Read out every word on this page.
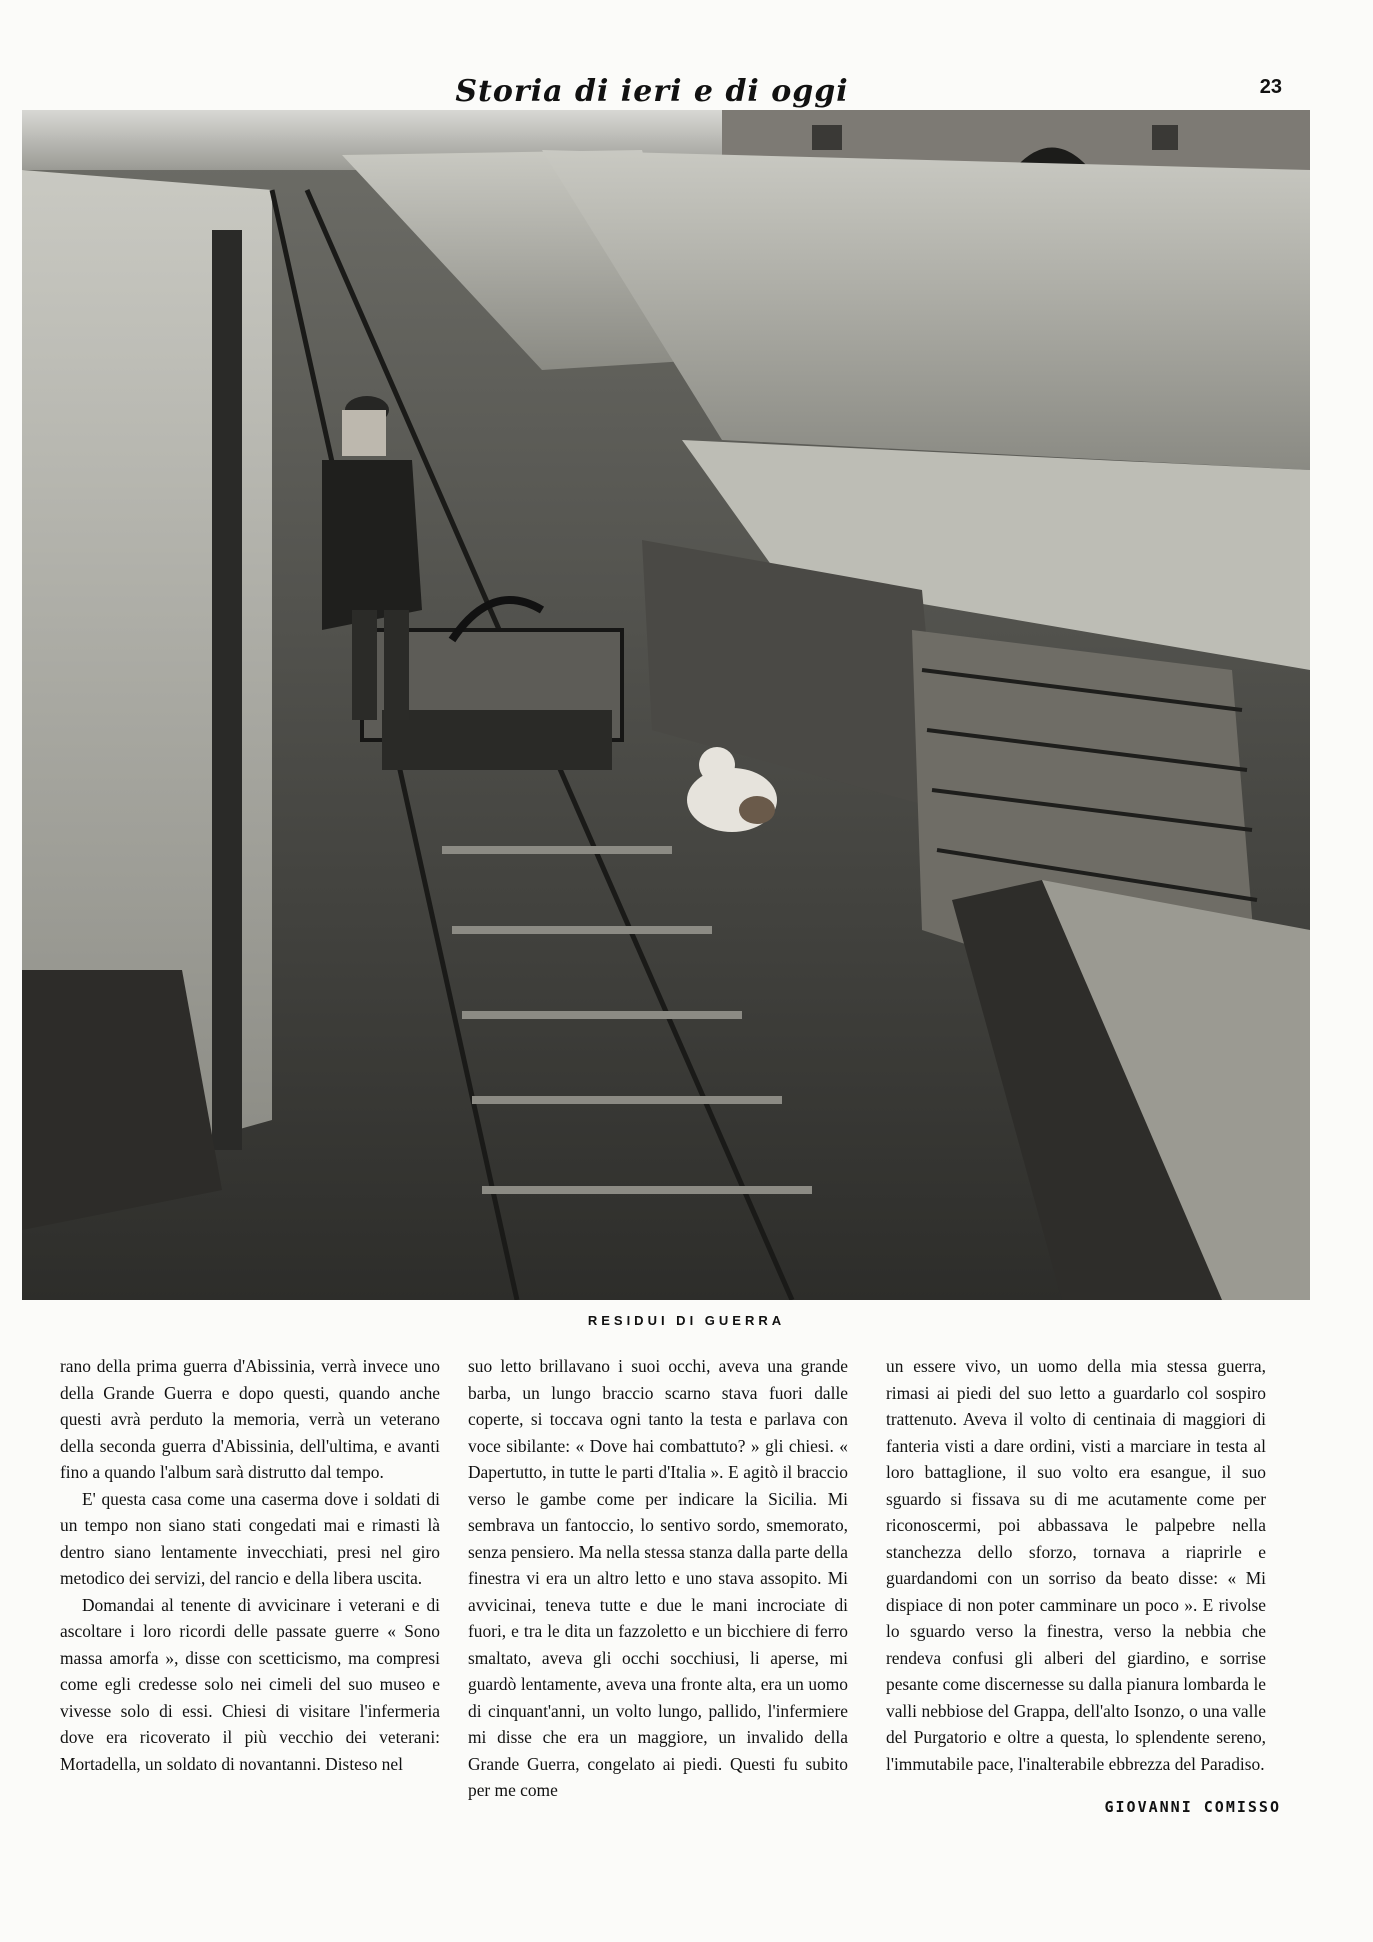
Storia di ieri e di oggi	23
RESIDUI DI GUERRA

rano della prima guerra d'Abissinia, verrà invece uno della Grande Guerra e dopo questi, quando anche questi avrà perduto la memoria, verrà un veterano della seconda guerra d'Abissinia, dell'ultima, e avanti fino a quando l'album sarà distrutto dal tempo.

E' questa casa come una caserma dove i soldati di un tempo non siano stati congedati mai e rimasti là dentro siano lentamente invecchiati, presi nel giro metodico dei servizi, del rancio e della libera uscita.

Domandai al tenente di avvicinare i veterani e di ascoltare i loro ricordi delle passate guerre « Sono massa amorfa », disse con scetticismo, ma compresi come egli credesse solo nei cimeli del suo museo e vivesse solo di essi. Chiesi di visitare l'infermeria dove era ricoverato il più vecchio dei veterani: Mortadella, un soldato di novantanni. Disteso nel

suo letto brillavano i suoi occhi, aveva una grande barba, un lungo braccio scarno stava fuori dalle coperte, si toccava ogni tanto la testa e parlava con voce sibilante: « Dove hai combattuto? » gli chiesi. « Dapertutto, in tutte le parti d'Italia ». E agitò il braccio verso le gambe come per indicare la Sicilia. Mi sembrava un fantoccio, lo sentivo sordo, smemorato, senza pensiero. Ma nella stessa stanza dalla parte della finestra vi era un altro letto e uno stava assopito. Mi avvicinai, teneva tutte e due le mani incrociate di fuori, e tra le dita un fazzoletto e un bicchiere di ferro smaltato, aveva gli occhi socchiusi, li aperse, mi guardò lentamente, aveva una fronte alta, era un uomo di cinquant'anni, un volto lungo, pallido, l'infermiere mi disse che era un maggiore, un invalido della Grande Guerra, congelato ai piedi. Questi fu subito per me come

un essere vivo, un uomo della mia stessa guerra, rimasi ai piedi del suo letto a guardarlo col sospiro trattenuto. Aveva il volto di centinaia di maggiori di fanteria visti a dare ordini, visti a marciare in testa al loro battaglione, il suo volto era esangue, il suo sguardo si fissava su di me acutamente come per riconoscermi, poi abbassava le palpebre nella stanchezza dello sforzo, tornava a riaprirle e guardandomi con un sorriso da beato disse: « Mi dispiace di non poter camminare un poco ». E rivolse lo sguardo verso la finestra, verso la nebbia che rendeva confusi gli alberi del giardino, e sorrise pesante come discernesse su dalla pianura lombarda le valli nebbiose del Grappa, dell'alto Isonzo, o una valle del Purgatorio e oltre a questa, lo splendente sereno, l'immutabile pace, l'inalterabile ebbrezza del Paradiso.

GIOVANNI COMISSO
